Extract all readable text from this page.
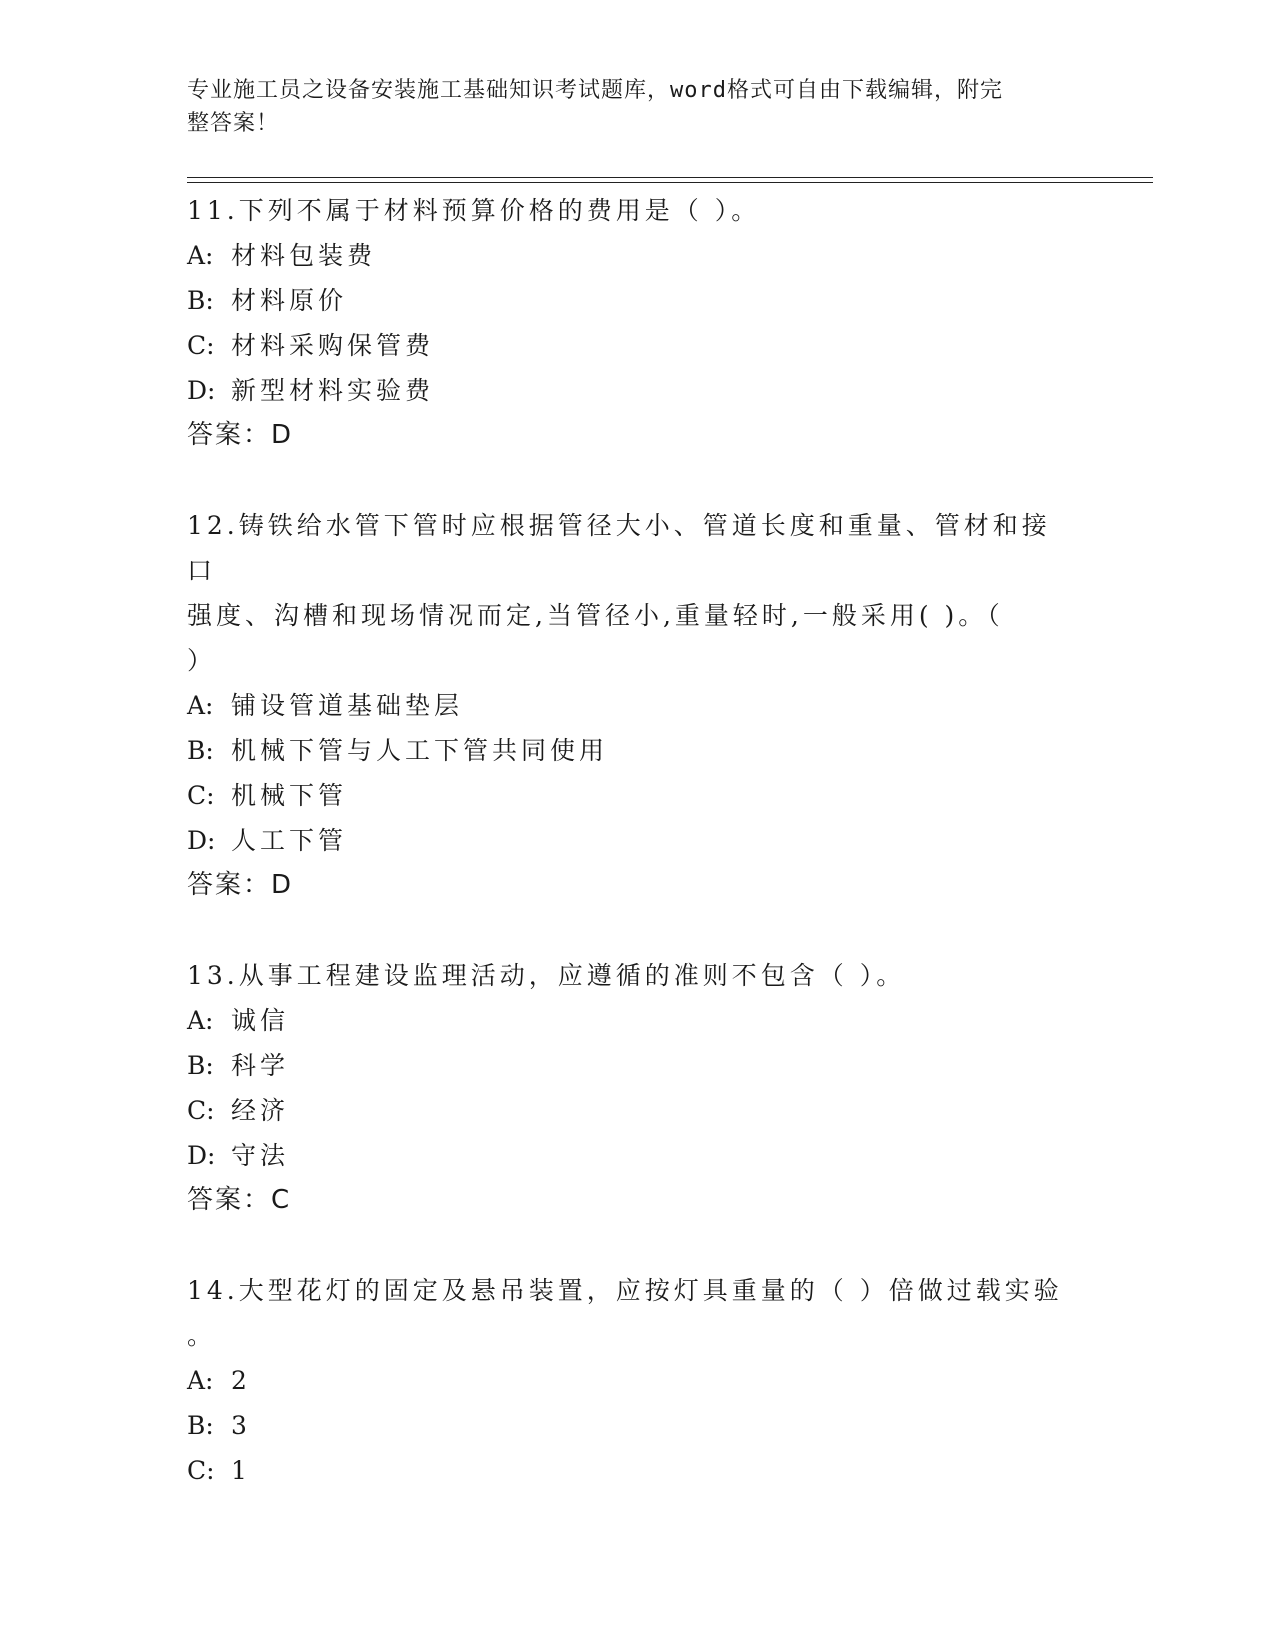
专业施工员之设备安装施工基础知识考试题库，word格式可自由下载编辑，附完
整答案！

11.下列不属于材料预算价格的费用是（ ）。

A: 材料包装费

B: 材料原价

C: 材料采购保管费

D: 新型材料实验费

答案：D

12.铸铁给水管下管时应根据管径大小、管道长度和重量、管材和接口

强度、沟槽和现场情况而定,当管径小,重量轻时,一般采用( )。（

）

A: 铺设管道基础垫层

B: 机械下管与人工下管共同使用

C: 机械下管

D: 人工下管

答案：D

13.从事工程建设监理活动，应遵循的准则不包含（ ）。

A: 诚信

B: 科学

C: 经济

D: 守法

答案：C

14.大型花灯的固定及悬吊装置，应按灯具重量的（ ）倍做过载实验

。

A: 2

B: 3

C: 1
